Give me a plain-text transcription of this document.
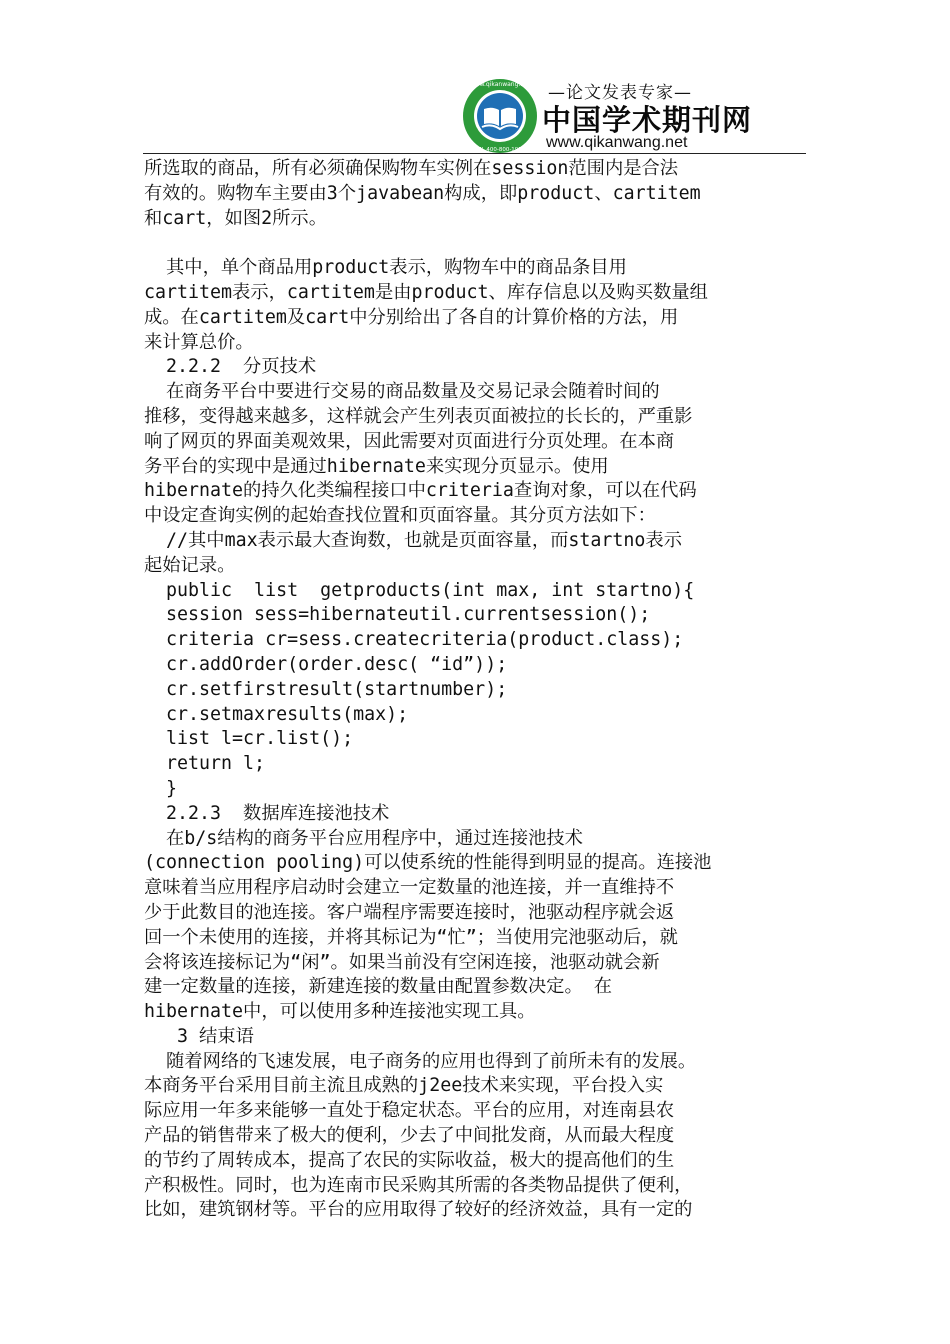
www.qikanwang.net
TEL 400-800-1933
—论文发表专家—
中国学术期刊网
www.qikanwang.net
所选取的商品，所有必须确保购物车实例在session范围内是合法
有效的。购物车主要由3个javabean构成，即product、cartitem
和cart，如图2所示。
其中，单个商品用product表示，购物车中的商品条目用
cartitem表示，cartitem是由product、库存信息以及购买数量组
成。在cartitem及cart中分别给出了各自的计算价格的方法，用
来计算总价。
2.2.2  分页技术
在商务平台中要进行交易的商品数量及交易记录会随着时间的
推移，变得越来越多，这样就会产生列表页面被拉的长长的，严重影
响了网页的界面美观效果，因此需要对页面进行分页处理。在本商
务平台的实现中是通过hibernate来实现分页显示。使用
hibernate的持久化类编程接口中criteria查询对象，可以在代码
中设定查询实例的起始查找位置和页面容量。其分页方法如下：
//其中max表示最大查询数，也就是页面容量，而startno表示
起始记录。
public  list  getproducts(int max, int startno){
session sess=hibernateutil.currentsession();
criteria cr=sess.createcriteria(product.class);
cr.addOrder(order.desc( “id”));
cr.setfirstresult(startnumber);
cr.setmaxresults(max);
list l=cr.list();
return l;
}
2.2.3  数据库连接池技术
在b/s结构的商务平台应用程序中，通过连接池技术
(connection pooling)可以使系统的性能得到明显的提高。连接池
意味着当应用程序启动时会建立一定数量的池连接，并一直维持不
少于此数目的池连接。客户端程序需要连接时，池驱动程序就会返
回一个未使用的连接，并将其标记为“忙”；当使用完池驱动后，就
会将该连接标记为“闲”。如果当前没有空闲连接，池驱动就会新
建一定数量的连接，新建连接的数量由配置参数决定。 在
hibernate中，可以使用多种连接池实现工具。
3 结束语
随着网络的飞速发展，电子商务的应用也得到了前所未有的发展。
本商务平台采用目前主流且成熟的j2ee技术来实现，平台投入实
际应用一年多来能够一直处于稳定状态。平台的应用，对连南县农
产品的销售带来了极大的便利，少去了中间批发商，从而最大程度
的节约了周转成本，提高了农民的实际收益，极大的提高他们的生
产积极性。同时，也为连南市民采购其所需的各类物品提供了便利，
比如，建筑钢材等。平台的应用取得了较好的经济效益，具有一定的
